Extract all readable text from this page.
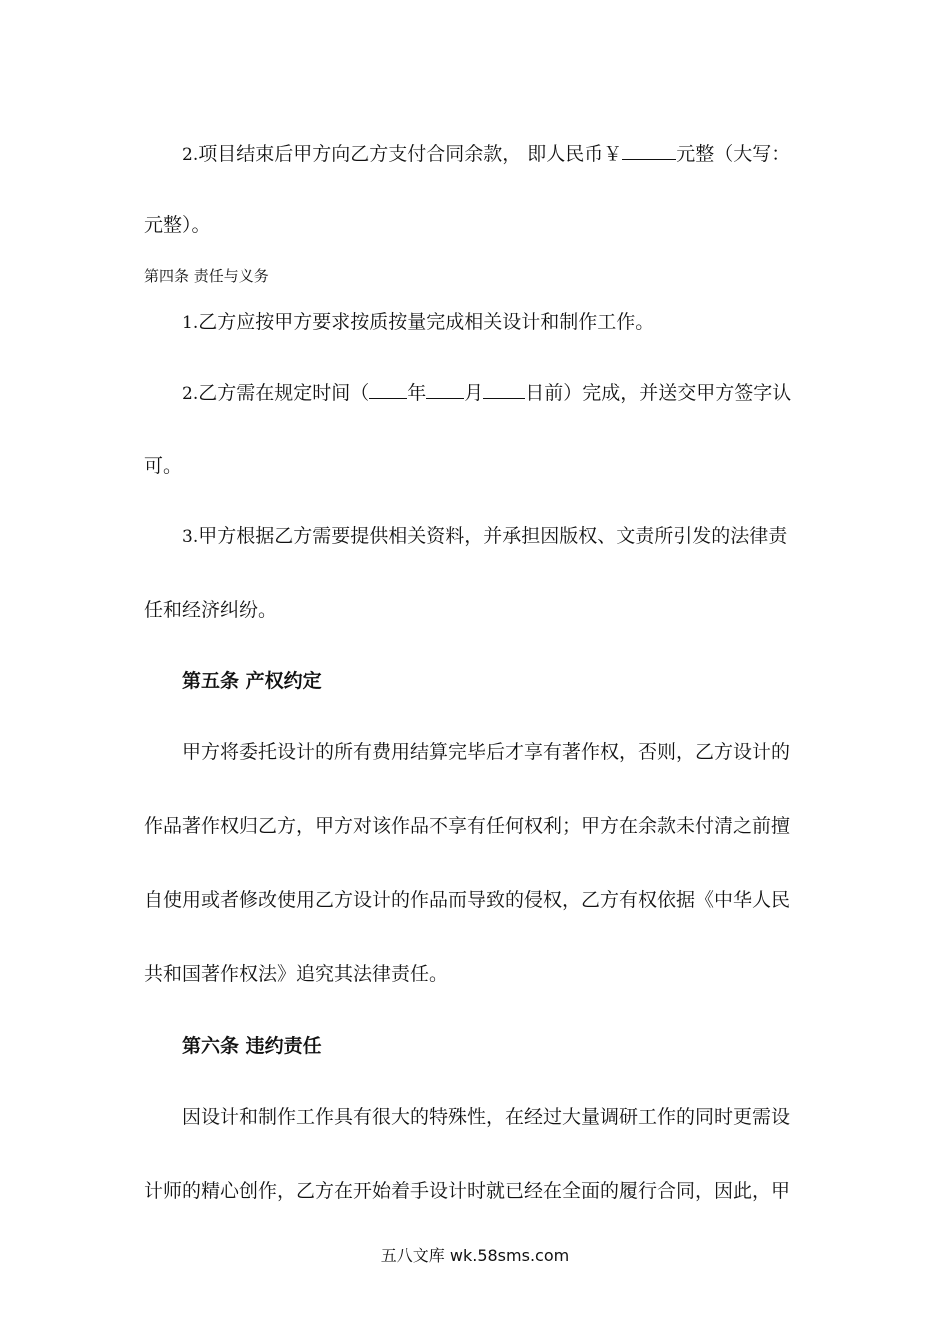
2.项目结束后甲方向乙方支付合同余款， 即人民币￥	元整（大写：
元整）。
第四条 责任与义务
1.乙方应按甲方要求按质按量完成相关设计和制作工作。
2.乙方需在规定时间（ 年 月 日前）完成，并送交甲方签字认
可。
3.甲方根据乙方需要提供相关资料，并承担因版权、文责所引发的法律责
任和经济纠纷。
第五条 产权约定
甲方将委托设计的所有费用结算完毕后才享有著作权，否则，乙方设计的
作品著作权归乙方，甲方对该作品不享有任何权利；甲方在余款未付清之前擅
自使用或者修改使用乙方设计的作品而导致的侵权，乙方有权依据《中华人民
共和国著作权法》追究其法律责任。
第六条 违约责任
因设计和制作工作具有很大的特殊性，在经过大量调研工作的同时更需设
计师的精心创作，乙方在开始着手设计时就已经在全面的履行合同，因此，甲
五八文库 wk.58sms.com
